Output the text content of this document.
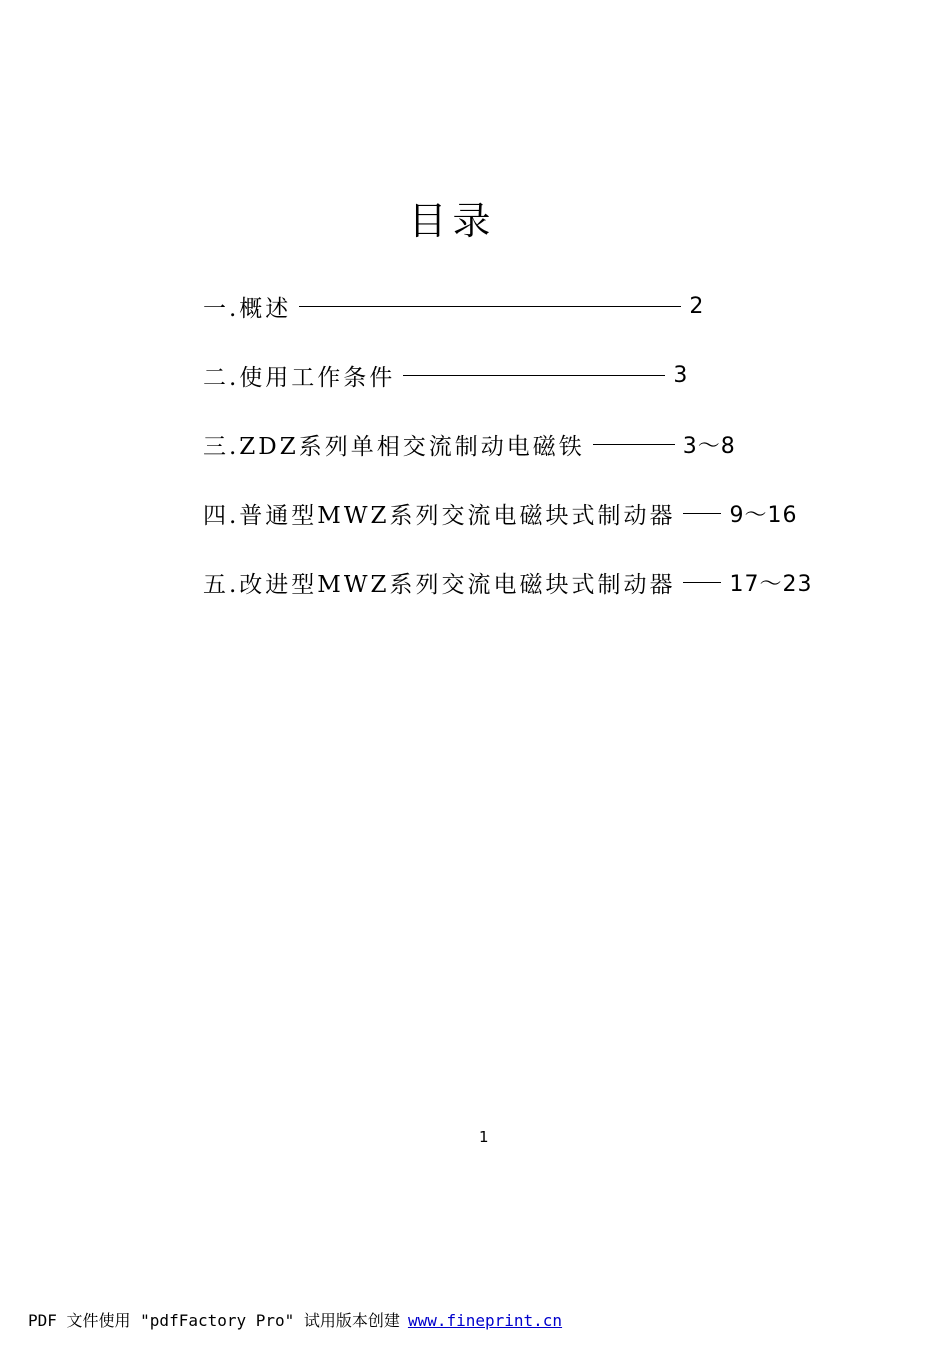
目录
一.概述	2
二.使用工作条件	3
三.ZDZ系列单相交流制动电磁铁	3～8
四.普通型MWZ系列交流电磁块式制动器 9～16
五.改进型MWZ系列交流电磁块式制动器 17～23
1
PDF 文件使用 "pdfFactory Pro" 试用版本创建 www.fineprint.cn
